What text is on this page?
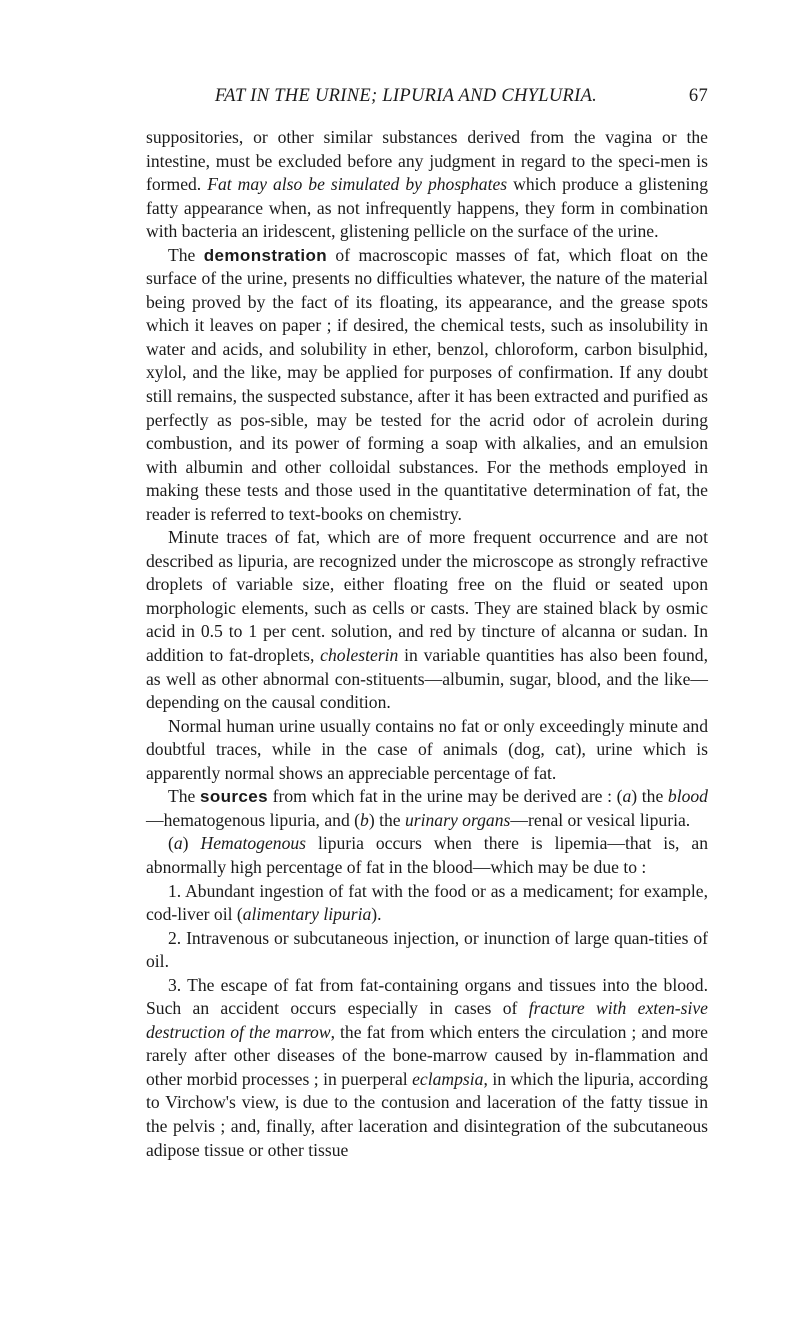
FAT IN THE URINE; LIPURIA AND CHYLURIA.	67

suppositories, or other similar substances derived from the vagina or the intestine, must be excluded before any judgment in regard to the speci-men is formed. Fat may also be simulated by phosphates which produce a glistening fatty appearance when, as not infrequently happens, they form in combination with bacteria an iridescent, glistening pellicle on the surface of the urine.

The demonstration of macroscopic masses of fat, which float on the surface of the urine, presents no difficulties whatever, the nature of the material being proved by the fact of its floating, its appearance, and the grease spots which it leaves on paper ; if desired, the chemical tests, such as insolubility in water and acids, and solubility in ether, benzol, chloroform, carbon bisulphid, xylol, and the like, may be applied for purposes of confirmation. If any doubt still remains, the suspected substance, after it has been extracted and purified as perfectly as pos-sible, may be tested for the acrid odor of acrolein during combustion, and its power of forming a soap with alkalies, and an emulsion with albumin and other colloidal substances. For the methods employed in making these tests and those used in the quantitative determination of fat, the reader is referred to text-books on chemistry.

Minute traces of fat, which are of more frequent occurrence and are not described as lipuria, are recognized under the microscope as strongly refractive droplets of variable size, either floating free on the fluid or seated upon morphologic elements, such as cells or casts. They are stained black by osmic acid in 0.5 to 1 per cent. solution, and red by tincture of alcanna or sudan. In addition to fat-droplets, cholesterin in variable quantities has also been found, as well as other abnormal con-stituents—albumin, sugar, blood, and the like—depending on the causal condition.

Normal human urine usually contains no fat or only exceedingly minute and doubtful traces, while in the case of animals (dog, cat), urine which is apparently normal shows an appreciable percentage of fat.

The sources from which fat in the urine may be derived are : (a) the blood—hematogenous lipuria, and (b) the urinary organs—renal or vesical lipuria.

(a) Hematogenous lipuria occurs when there is lipemia—that is, an abnormally high percentage of fat in the blood—which may be due to :

1. Abundant ingestion of fat with the food or as a medicament; for example, cod-liver oil (alimentary lipuria).

2. Intravenous or subcutaneous injection, or inunction of large quan-tities of oil.

3. The escape of fat from fat-containing organs and tissues into the blood. Such an accident occurs especially in cases of fracture with exten-sive destruction of the marrow, the fat from which enters the circulation ; and more rarely after other diseases of the bone-marrow caused by in-flammation and other morbid processes ; in puerperal eclampsia, in which the lipuria, according to Virchow's view, is due to the contusion and laceration of the fatty tissue in the pelvis ; and, finally, after laceration and disintegration of the subcutaneous adipose tissue or other tissue
